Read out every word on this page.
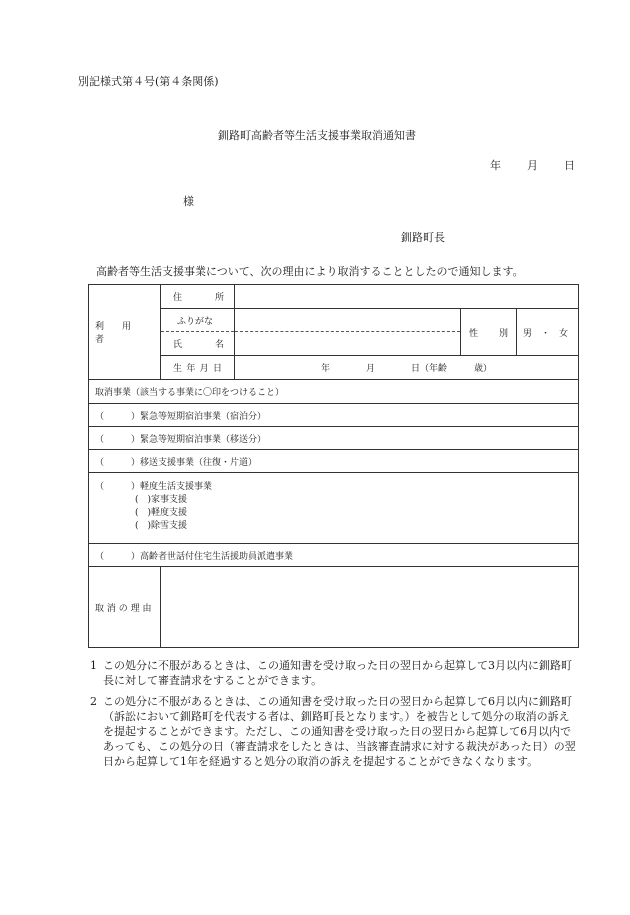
別記様式第４号(第４条関係)
釧路町高齢者等生活支援事業取消通知書
年 月 日
様
釧路町長
高齢者等生活支援事業について、次の理由により取消することとしたので通知します。
利　　用　　者	住 所			

	ふりがな		性 別	男　・　女

	氏 名			

	生 年 月 日	年　　　　月　　　　日（年齢　　　歳）		
取消事業（該当する事業に〇印をつけること）				
（　　　）緊急等短期宿泊事業（宿泊分）				
（　　　）緊急等短期宿泊事業（移送分）				
（　　　）移送支援事業（往復・片道）				

（　　　）軽度生活支援事業
(　)家事支援
(　)軽度支援
(　)除雪支援				

（　　　）高齢者世話付住宅生活援助員派遣事業				
取 消 の 理 由				
1 この処分に不服があるときは、この通知書を受け取った日の翌日から起算して3月以内に釧路町長に対して審査請求をすることができます。
2 この処分に不服があるときは、この通知書を受け取った日の翌日から起算して6月以内に釧路町（訴訟において釧路町を代表する者は、釧路町長となります。）を被告として処分の取消の訴えを提起することができます。ただし、この通知書を受け取った日の翌日から起算して6月以内であっても、この処分の日（審査請求をしたときは、当該審査請求に対する裁決があった日）の翌日から起算して1年を経過すると処分の取消の訴えを提起することができなくなります。
